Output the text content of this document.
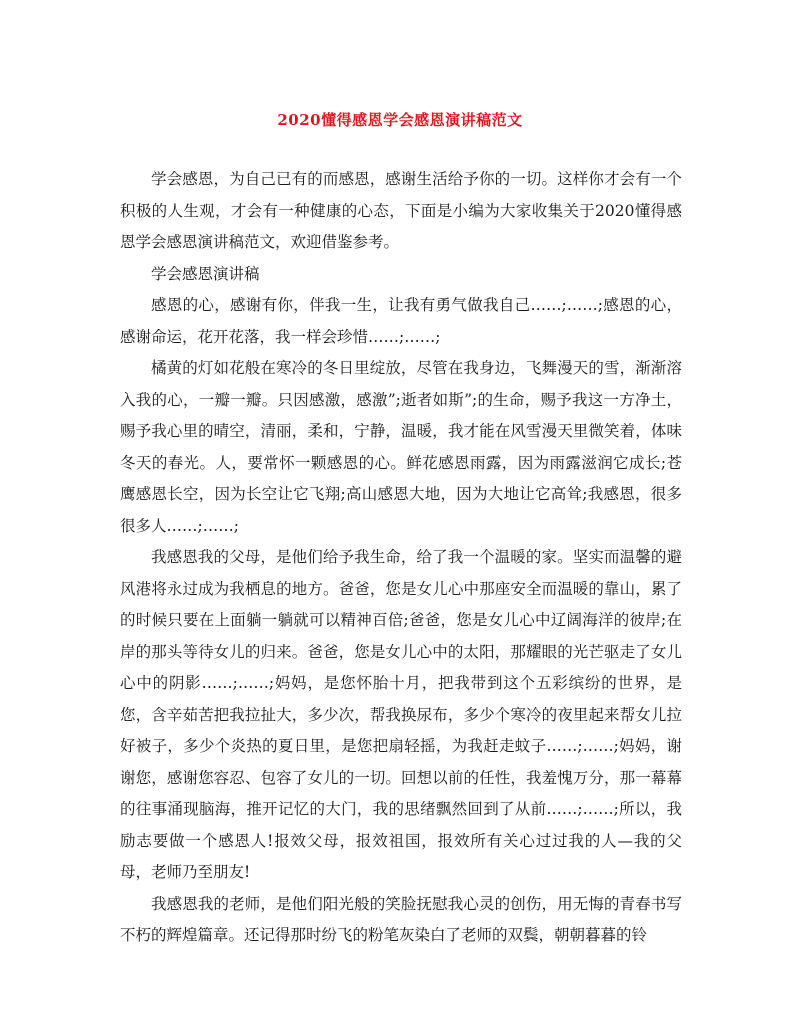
2020懂得感恩学会感恩演讲稿范文

学会感恩，为自己已有的而感恩，感谢生活给予你的一切。这样你才会有一个积极的人生观，才会有一种健康的心态，下面是小编为大家收集关于2020懂得感恩学会感恩演讲稿范文，欢迎借鉴参考。

学会感恩演讲稿

感恩的心，感谢有你，伴我一生，让我有勇气做我自己……;……;感恩的心，感谢命运，花开花落，我一样会珍惜……;……;

橘黄的灯如花般在寒冷的冬日里绽放，尽管在我身边，飞舞漫天的雪，渐渐溶入我的心，一瓣一瓣。只因感激，感激”;逝者如斯”;的生命，赐予我这一方净土，赐予我心里的晴空，清丽，柔和，宁静，温暖，我才能在风雪漫天里微笑着，体味冬天的春光。人，要常怀一颗感恩的心。鲜花感恩雨露，因为雨露滋润它成长;苍鹰感恩长空，因为长空让它飞翔;高山感恩大地，因为大地让它高耸;我感恩，很多很多人……;……;

我感恩我的父母，是他们给予我生命，给了我一个温暖的家。坚实而温馨的避风港将永过成为我栖息的地方。爸爸，您是女儿心中那座安全而温暖的靠山，累了的时候只要在上面躺一躺就可以精神百倍;爸爸，您是女儿心中辽阔海洋的彼岸;在岸的那头等待女儿的归来。爸爸，您是女儿心中的太阳，那耀眼的光芒驱走了女儿心中的阴影……;……;妈妈，是您怀胎十月，把我带到这个五彩缤纷的世界，是您，含辛茹苦把我拉扯大，多少次，帮我换尿布，多少个寒冷的夜里起来帮女儿拉好被子，多少个炎热的夏日里，是您把扇轻摇，为我赶走蚊子……;……;妈妈，谢谢您，感谢您容忍、包容了女儿的一切。回想以前的任性，我羞愧万分，那一幕幕的往事涌现脑海，推开记忆的大门，我的思绪飘然回到了从前……;……;所以，我励志要做一个感恩人!报效父母，报效祖国，报效所有关心过过我的人—我的父母，老师乃至朋友!

我感恩我的老师，是他们阳光般的笑脸抚慰我心灵的创伤，用无悔的青春书写不朽的辉煌篇章。还记得那时纷飞的粉笔灰染白了老师的双鬓，朝朝暮暮的铃
